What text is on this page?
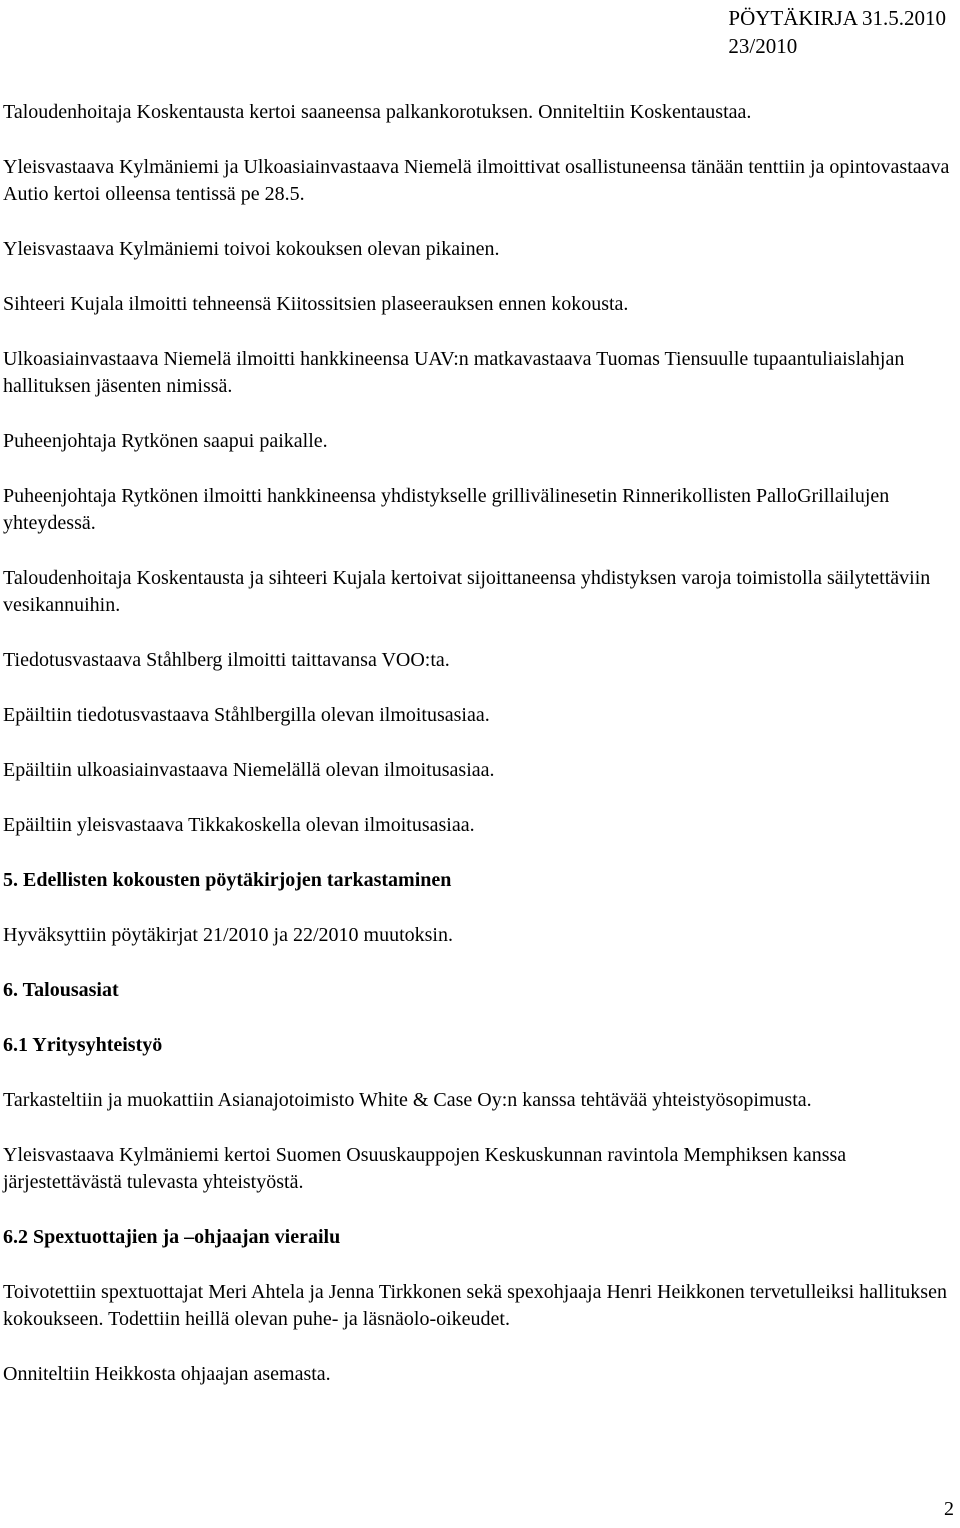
PÖYTÄKIRJA 31.5.2010
23/2010

Taloudenhoitaja Koskentausta kertoi saaneensa palkankorotuksen. Onniteltiin Koskentaustaa.

Yleisvastaava Kylmäniemi ja Ulkoasiainvastaava Niemelä ilmoittivat osallistuneensa tänään tenttiin ja opintovastaava Autio kertoi olleensa tentissä pe 28.5.

Yleisvastaava Kylmäniemi toivoi kokouksen olevan pikainen.

Sihteeri Kujala ilmoitti tehneensä Kiitossitsien plaseerauksen ennen kokousta.

Ulkoasiainvastaava Niemelä ilmoitti hankkineensa UAV:n matkavastaava Tuomas Tiensuulle tupaantuliaislahjan hallituksen jäsenten nimissä.

Puheenjohtaja Rytkönen saapui paikalle.

Puheenjohtaja Rytkönen ilmoitti hankkineensa yhdistykselle grillivälinesetin Rinnerikollisten PalloGrillailujen yhteydessä.

Taloudenhoitaja Koskentausta ja sihteeri Kujala kertoivat sijoittaneensa yhdistyksen varoja toimistolla säilytettäviin vesikannuihin.

Tiedotusvastaava Ståhlberg ilmoitti taittavansa VOO:ta.

Epäiltiin tiedotusvastaava Ståhlbergilla olevan ilmoitusasiaa.

Epäiltiin ulkoasiainvastaava Niemelällä olevan ilmoitusasiaa.

Epäiltiin yleisvastaava Tikkakoskella olevan ilmoitusasiaa.

5. Edellisten kokousten pöytäkirjojen tarkastaminen

Hyväksyttiin pöytäkirjat 21/2010 ja 22/2010 muutoksin.

6. Talousasiat
6.1 Yritysyhteistyö

Tarkasteltiin ja muokattiin Asianajotoimisto White & Case Oy:n kanssa tehtävää yhteistyösopimusta.

Yleisvastaava Kylmäniemi kertoi Suomen Osuuskauppojen Keskuskunnan ravintola Memphiksen kanssa järjestettävästä tulevasta yhteistyöstä.

6.2 Spextuottajien ja –ohjaajan vierailu

Toivotettiin spextuottajat Meri Ahtela ja Jenna Tirkkonen sekä spexohjaaja Henri Heikkonen tervetulleiksi hallituksen kokoukseen. Todettiin heillä olevan puhe- ja läsnäolo-oikeudet.

Onniteltiin Heikkosta ohjaajan asemasta.

2
